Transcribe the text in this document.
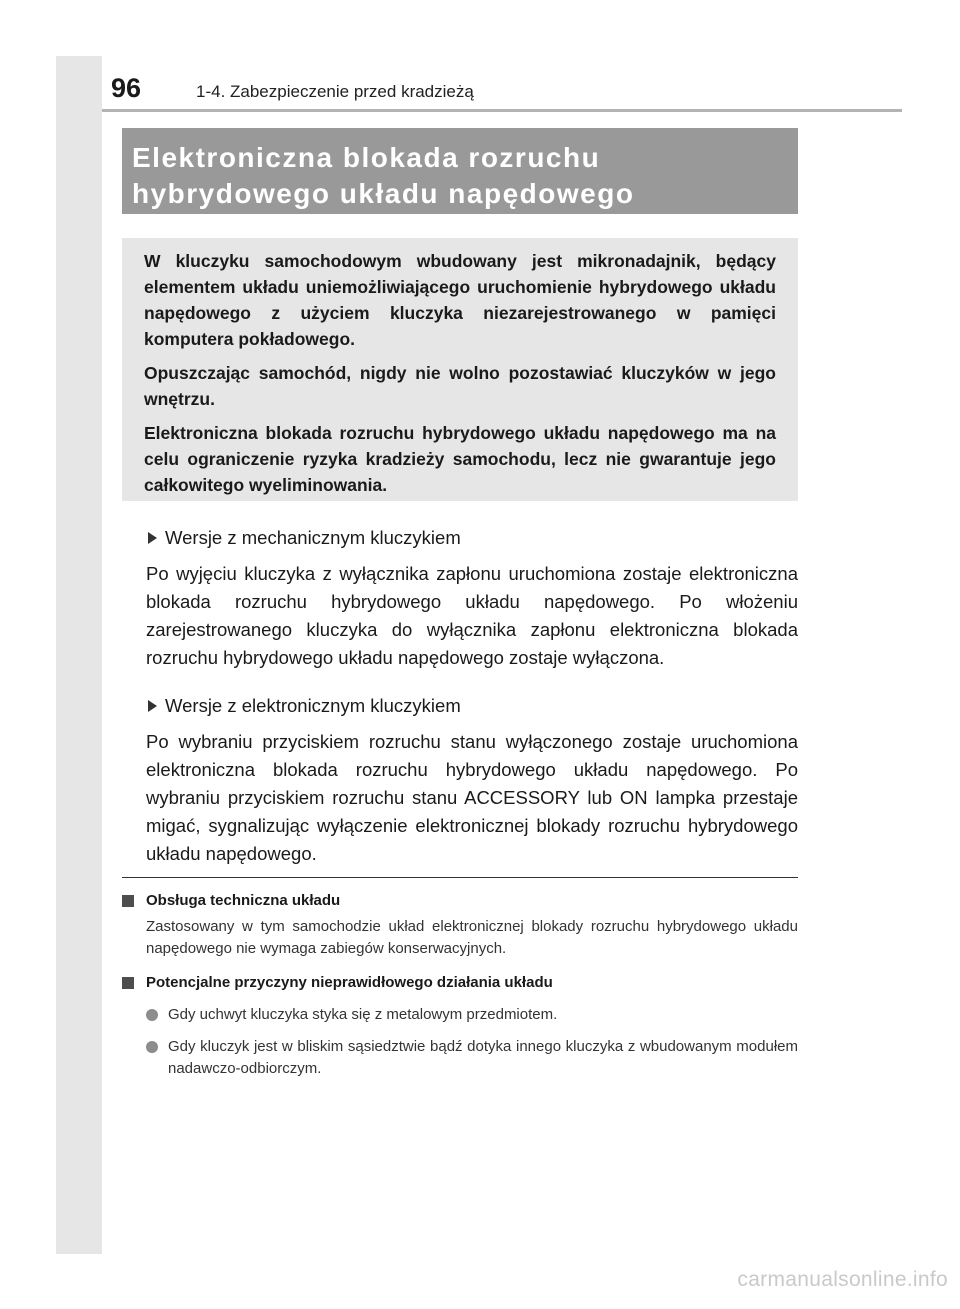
96	1-4. Zabezpieczenie przed kradzieżą
Elektroniczna blokada rozruchu
hybrydowego układu napędowego

W kluczyku samochodowym wbudowany jest mikronadajnik, będący elementem układu uniemożliwiającego uruchomienie hybrydowego układu napędowego z użyciem kluczyka niezarejestrowanego w pamięci komputera pokładowego.

Opuszczając samochód, nigdy nie wolno pozostawiać kluczyków w jego wnętrzu.

Elektroniczna blokada rozruchu hybrydowego układu napędowego ma na celu ograniczenie ryzyka kradzieży samochodu, lecz nie gwarantuje jego całkowitego wyeliminowania.

Wersje z mechanicznym kluczykiem

Po wyjęciu kluczyka z wyłącznika zapłonu uruchomiona zostaje elektroniczna blokada rozruchu hybrydowego układu napędowego. Po włożeniu zarejestrowanego kluczyka do wyłącznika zapłonu elektroniczna blokada rozruchu hybrydowego układu napędowego zostaje wyłączona.

Wersje z elektronicznym kluczykiem

Po wybraniu przyciskiem rozruchu stanu wyłączonego zostaje uruchomiona elektroniczna blokada rozruchu hybrydowego układu napędowego. Po wybraniu przyciskiem rozruchu stanu ACCESSORY lub ON lampka przestaje migać, sygnalizując wyłączenie elektronicznej blokady rozruchu hybrydowego układu napędowego.

Obsługa techniczna układu

Zastosowany w tym samochodzie układ elektronicznej blokady rozruchu hybrydowego układu napędowego nie wymaga zabiegów konserwacyjnych.

Potencjalne przyczyny nieprawidłowego działania układu
Gdy uchwyt kluczyka styka się z metalowym przedmiotem.
Gdy kluczyk jest w bliskim sąsiedztwie bądź dotyka innego kluczyka z wbudowanym modułem nadawczo-odbiorczym.
carmanualsonline.info
